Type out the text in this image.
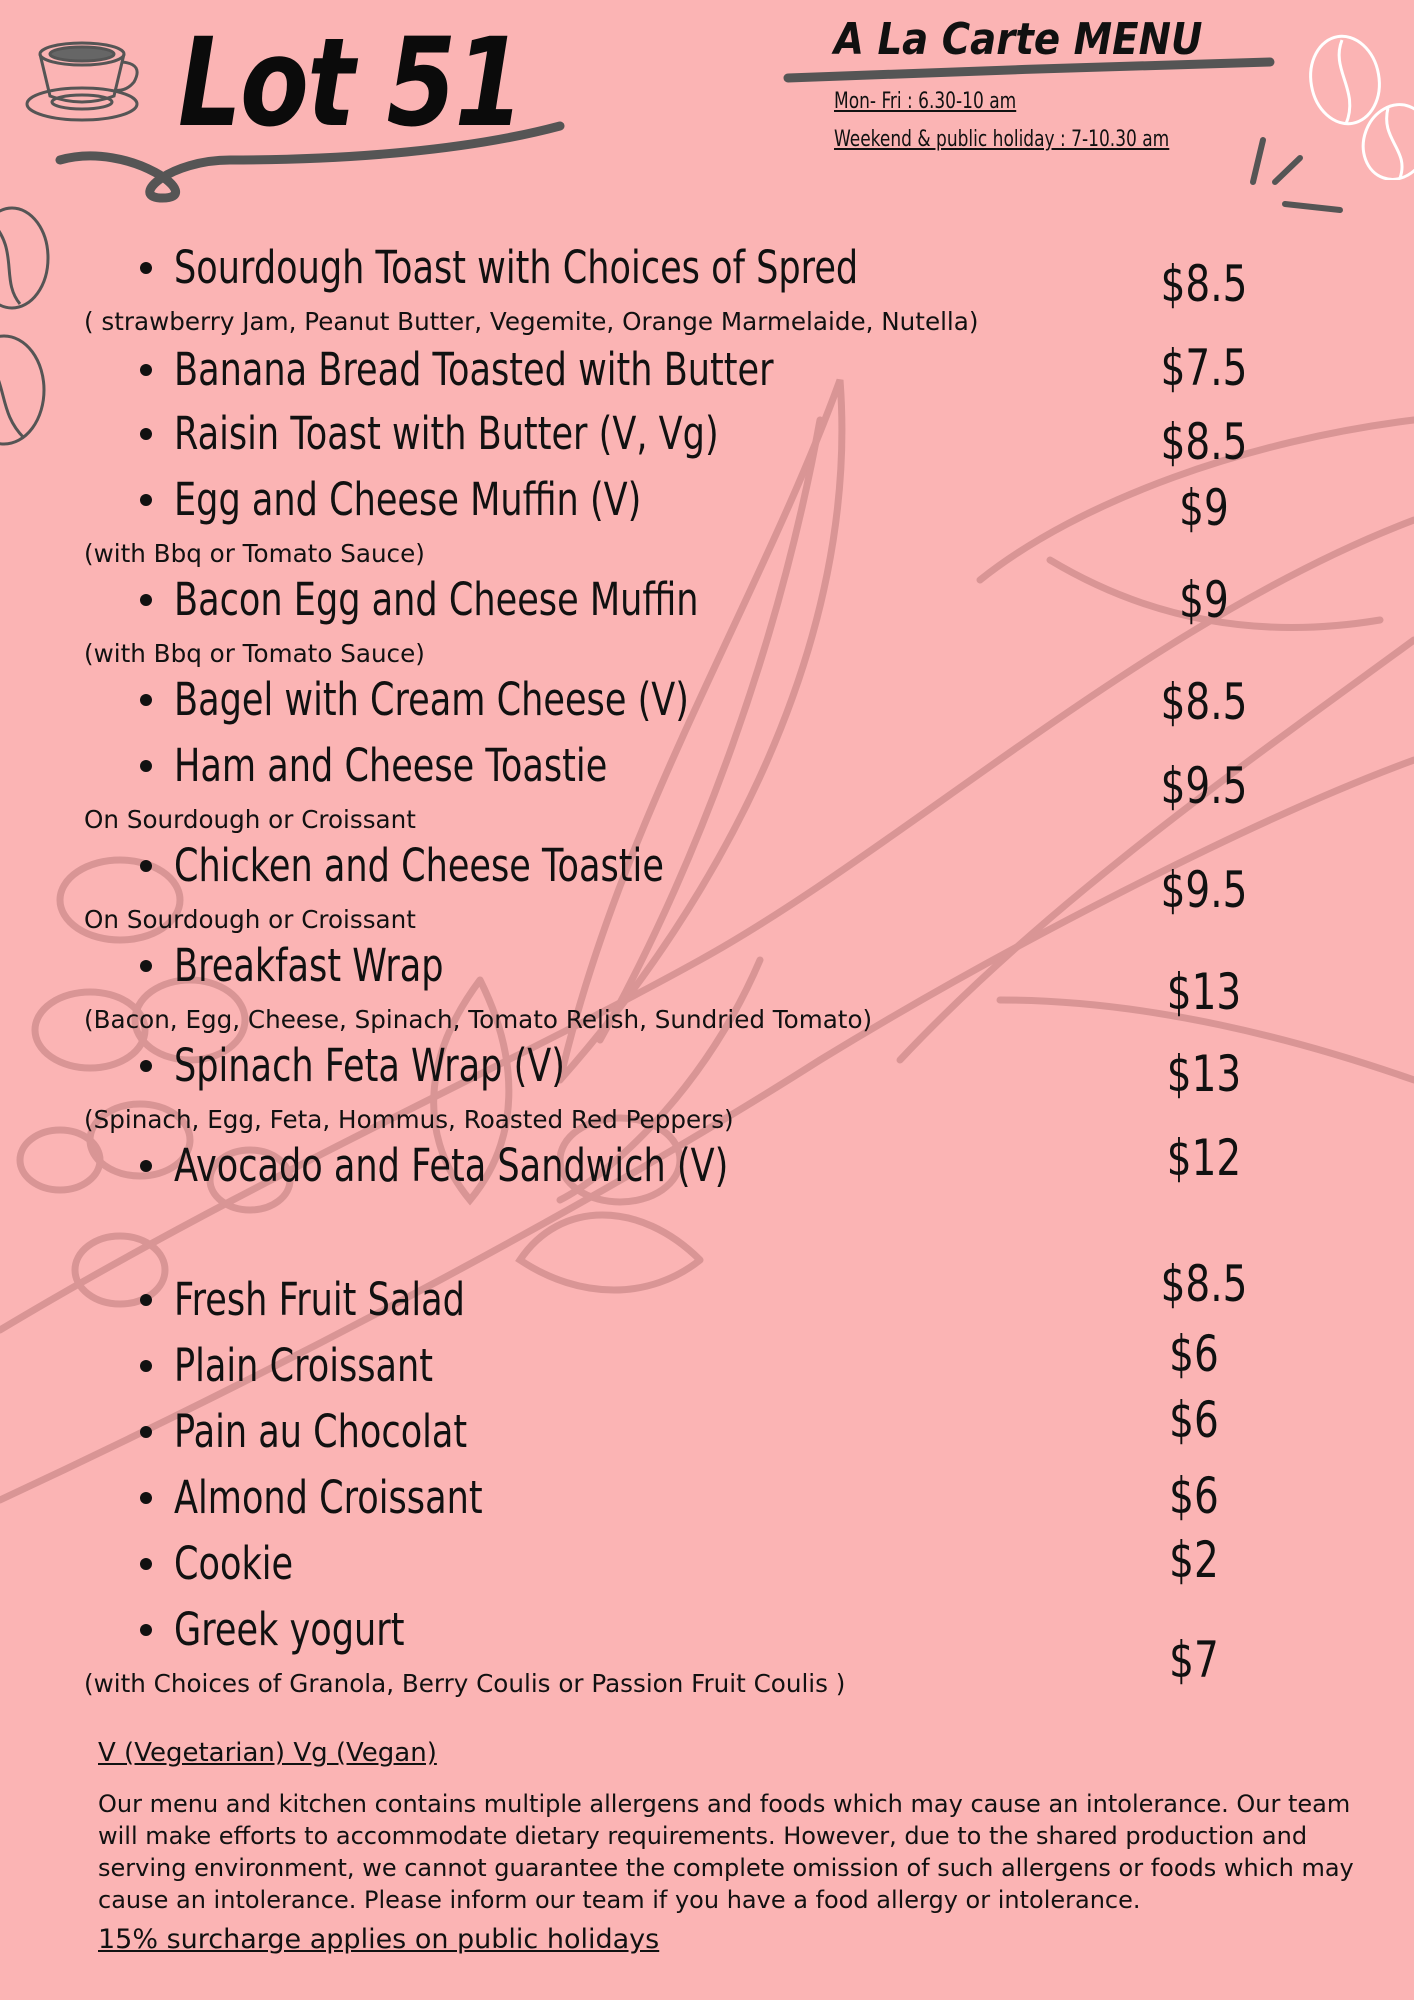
Lot 51	A La Carte MENU
Mon- Fri : 6.30-10 am
Weekend & public holiday : 7-10.30 am
Sourdough Toast with Choices of Spred
Banana Bread Toasted with Butter
Raisin Toast with Butter (V, Vg)
Egg and Cheese Muffin (V)
Bacon Egg and Cheese Muffin
Bagel with Cream Cheese (V)
Ham and Cheese Toastie
Chicken and Cheese Toastie
Breakfast Wrap
Spinach Feta Wrap (V)
Avocado and Feta Sandwich (V)
Fresh Fruit Salad
Plain Croissant
Pain au Chocolat
Almond Croissant
Cookie
Greek yogurt
( strawberry Jam, Peanut Butter, Vegemite, Orange Marmelaide, Nutella)
(with Bbq or Tomato Sauce)
(with Bbq or Tomato Sauce)
On Sourdough or Croissant
On Sourdough or Croissant
(Bacon, Egg, Cheese, Spinach, Tomato Relish, Sundried Tomato)
(Spinach, Egg, Feta, Hommus, Roasted Red Peppers)
(with Choices of Granola, Berry Coulis or Passion Fruit Coulis )
$8.5
$7.5
$8.5
$9
$9
$8.5
$9.5
$9.5
$13
$13
$12
$8.5
$6
$6
$6
$2
$7
V (Vegetarian) Vg (Vegan)
Our menu and kitchen contains multiple allergens and foods which may cause an intolerance. Our team will make efforts to accommodate dietary requirements. However, due to the shared production and serving environment, we cannot guarantee the complete omission of such allergens or foods which may cause an intolerance. Please inform our team if you have a food allergy or intolerance.
15% surcharge applies on public holidays
